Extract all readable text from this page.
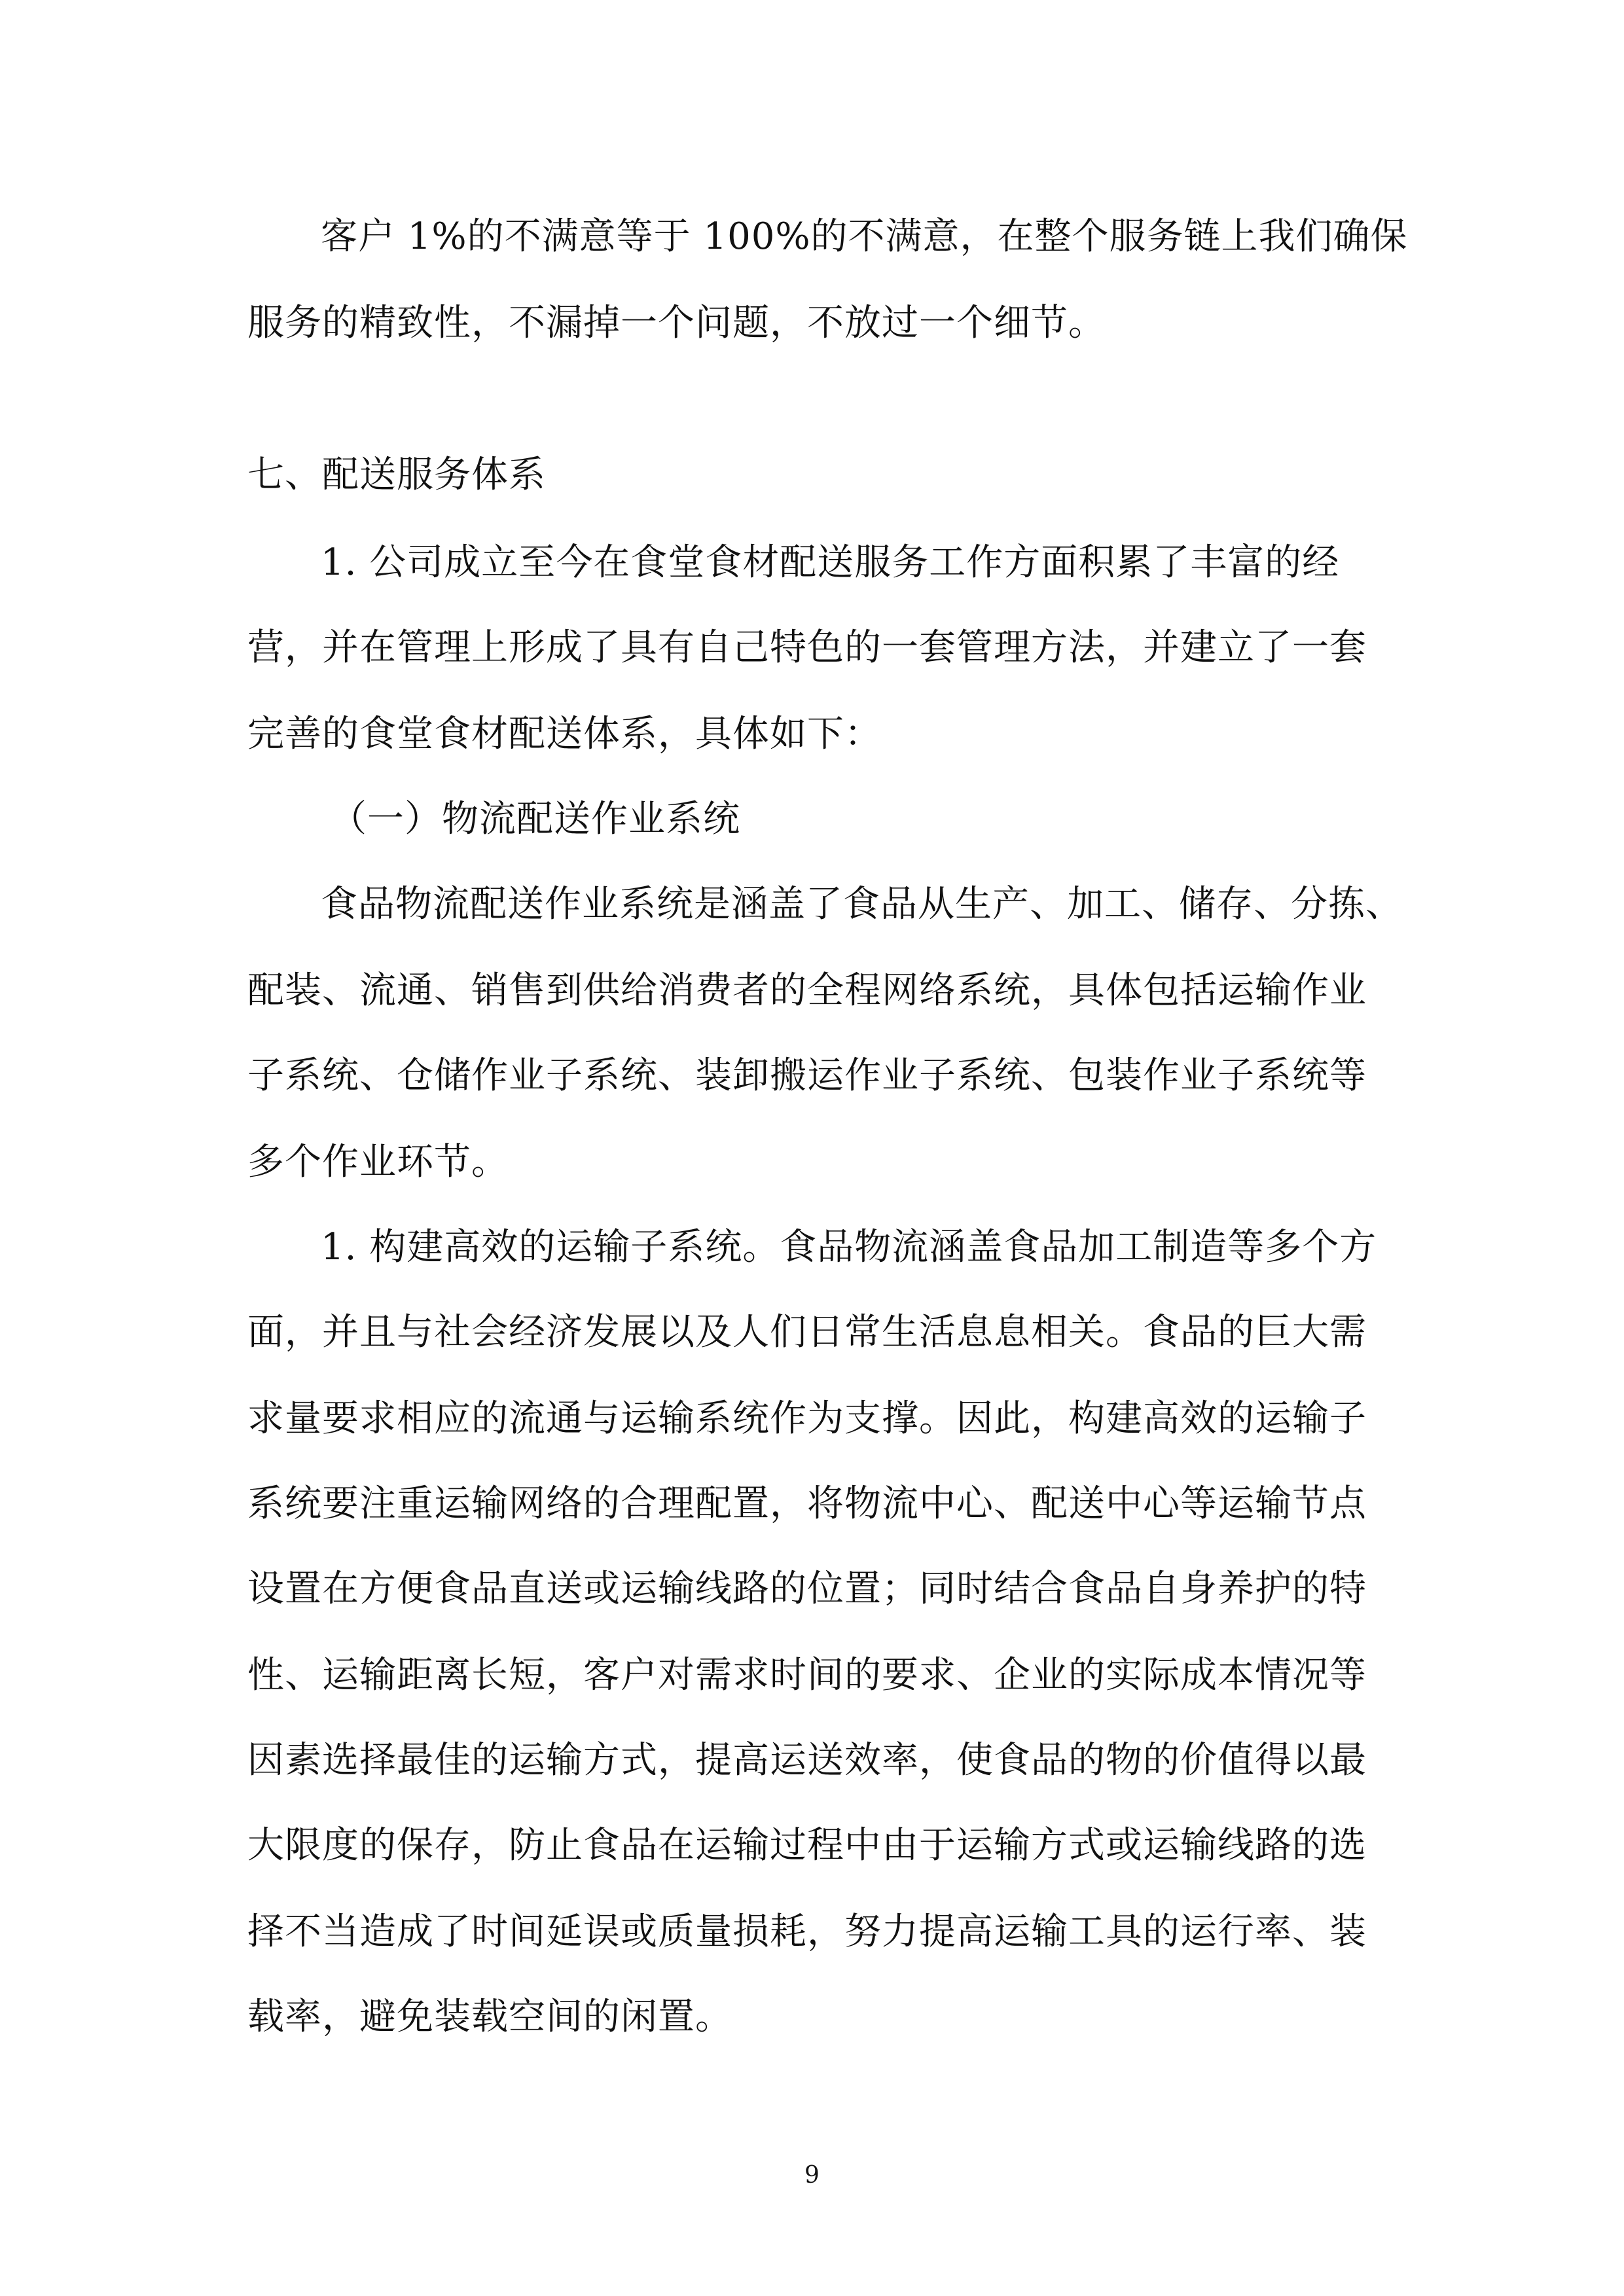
客户 1%的不满意等于 100%的不满意，在整个服务链上我们确保
服务的精致性，不漏掉一个问题，不放过一个细节。
七、配送服务体系
1. 公司成立至今在食堂食材配送服务工作方面积累了丰富的经
营，并在管理上形成了具有自己特色的一套管理方法，并建立了一套
完善的食堂食材配送体系，具体如下：
（一）物流配送作业系统
食品物流配送作业系统是涵盖了食品从生产、加工、储存、分拣、
配装、流通、销售到供给消费者的全程网络系统，具体包括运输作业
子系统、仓储作业子系统、装卸搬运作业子系统、包装作业子系统等
多个作业环节。
1. 构建高效的运输子系统。食品物流涵盖食品加工制造等多个方
面，并且与社会经济发展以及人们日常生活息息相关。食品的巨大需
求量要求相应的流通与运输系统作为支撑。因此，构建高效的运输子
系统要注重运输网络的合理配置，将物流中心、配送中心等运输节点
设置在方便食品直送或运输线路的位置；同时结合食品自身养护的特
性、运输距离长短，客户对需求时间的要求、企业的实际成本情况等
因素选择最佳的运输方式，提高运送效率，使食品的物的价值得以最
大限度的保存，防止食品在运输过程中由于运输方式或运输线路的选
择不当造成了时间延误或质量损耗，努力提高运输工具的运行率、装
载率，避免装载空间的闲置。
9
